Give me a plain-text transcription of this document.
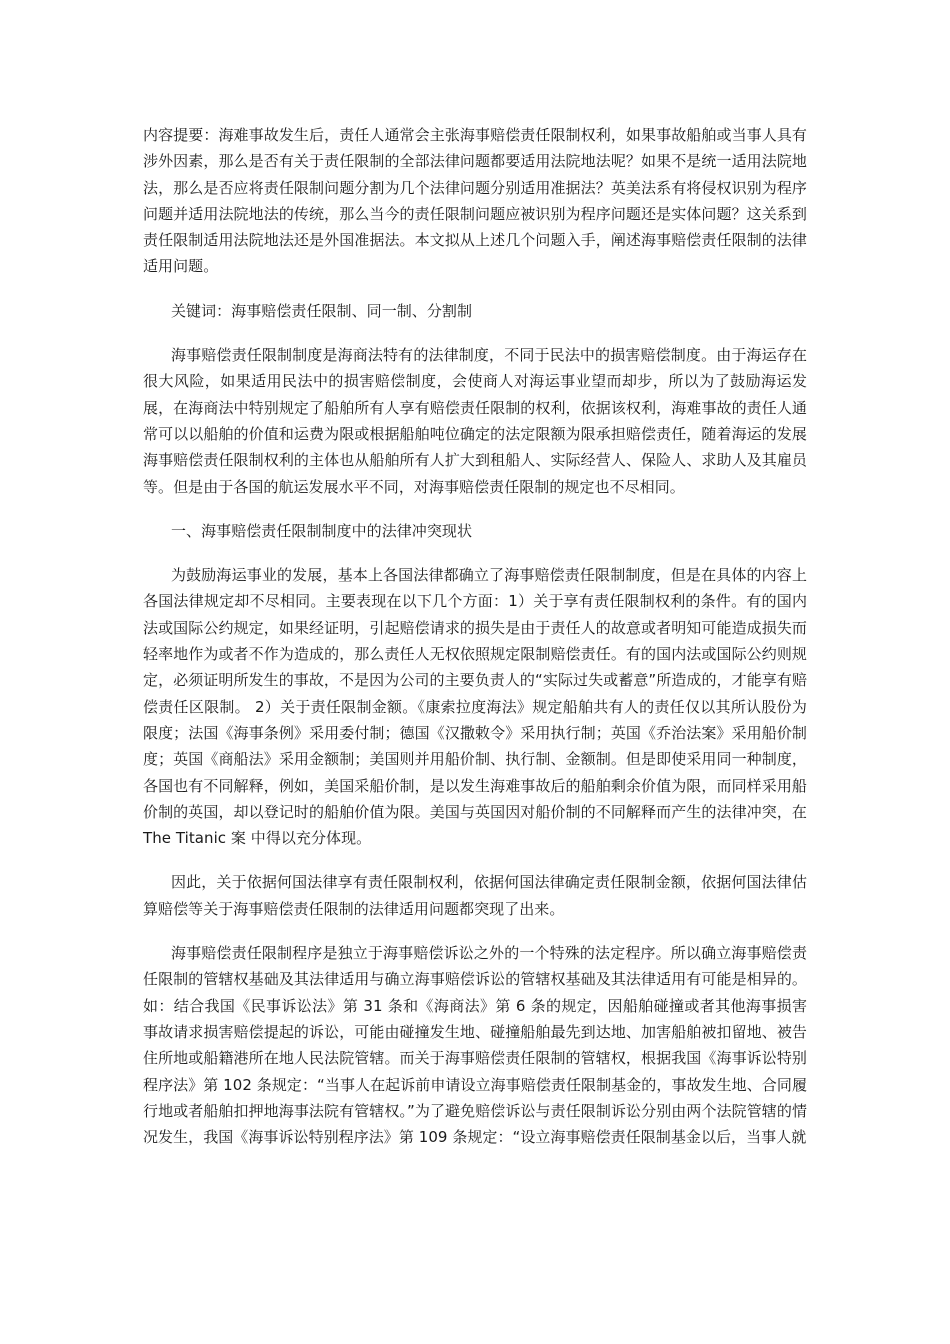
内容提要：海难事故发生后，责任人通常会主张海事赔偿责任限制权利，如果事故船舶或当事人具有涉外因素，那么是否有关于责任限制的全部法律问题都要适用法院地法呢？如果不是统一适用法院地法，那么是否应将责任限制问题分割为几个法律问题分别适用准据法？英美法系有将侵权识别为程序问题并适用法院地法的传统，那么当今的责任限制问题应被识别为程序问题还是实体问题？这关系到责任限制适用法院地法还是外国准据法。本文拟从上述几个问题入手，阐述海事赔偿责任限制的法律适用问题。

关键词：海事赔偿责任限制、同一制、分割制

海事赔偿责任限制制度是海商法特有的法律制度，不同于民法中的损害赔偿制度。由于海运存在很大风险，如果适用民法中的损害赔偿制度，会使商人对海运事业望而却步，所以为了鼓励海运发展，在海商法中特别规定了船舶所有人享有赔偿责任限制的权利，依据该权利，海难事故的责任人通常可以以船舶的价值和运费为限或根据船舶吨位确定的法定限额为限承担赔偿责任，随着海运的发展海事赔偿责任限制权利的主体也从船舶所有人扩大到租船人、实际经营人、保险人、求助人及其雇员等。但是由于各国的航运发展水平不同，对海事赔偿责任限制的规定也不尽相同。

一、海事赔偿责任限制制度中的法律冲突现状

为鼓励海运事业的发展，基本上各国法律都确立了海事赔偿责任限制制度，但是在具体的内容上各国法律规定却不尽相同。主要表现在以下几个方面：1）关于享有责任限制权利的条件。有的国内法或国际公约规定，如果经证明，引起赔偿请求的损失是由于责任人的故意或者明知可能造成损失而轻率地作为或者不作为造成的，那么责任人无权依照规定限制赔偿责任。有的国内法或国际公约则规定，必须证明所发生的事故，不是因为公司的主要负责人的“实际过失或蓄意”所造成的，才能享有赔偿责任区限制。 2）关于责任限制金额。《康索拉度海法》规定船舶共有人的责任仅以其所认股份为限度；法国《海事条例》采用委付制；德国《汉撒敕令》采用执行制；英国《乔治法案》采用船价制度；英国《商船法》采用金额制；美国则并用船价制、执行制、金额制。但是即使采用同一种制度，各国也有不同解释，例如，美国采船价制，是以发生海难事故后的船舶剩余价值为限，而同样采用船价制的英国，却以登记时的船舶价值为限。美国与英国因对船价制的不同解释而产生的法律冲突，在 The Titanic 案 中得以充分体现。

因此，关于依据何国法律享有责任限制权利，依据何国法律确定责任限制金额，依据何国法律估算赔偿等关于海事赔偿责任限制的法律适用问题都突现了出来。

海事赔偿责任限制程序是独立于海事赔偿诉讼之外的一个特殊的法定程序。所以确立海事赔偿责任限制的管辖权基础及其法律适用与确立海事赔偿诉讼的管辖权基础及其法律适用有可能是相异的。如：结合我国《民事诉讼法》第 31 条和《海商法》第 6 条的规定，因船舶碰撞或者其他海事损害事故请求损害赔偿提起的诉讼，可能由碰撞发生地、碰撞船舶最先到达地、加害船舶被扣留地、被告住所地或船籍港所在地人民法院管辖。而关于海事赔偿责任限制的管辖权，根据我国《海事诉讼特别程序法》第 102 条规定：“当事人在起诉前申请设立海事赔偿责任限制基金的，事故发生地、合同履行地或者船舶扣押地海事法院有管辖权。”为了避免赔偿诉讼与责任限制诉讼分别由两个法院管辖的情况发生，我国《海事诉讼特别程序法》第 109 条规定：“设立海事赔偿责任限制基金以后，当事人就
